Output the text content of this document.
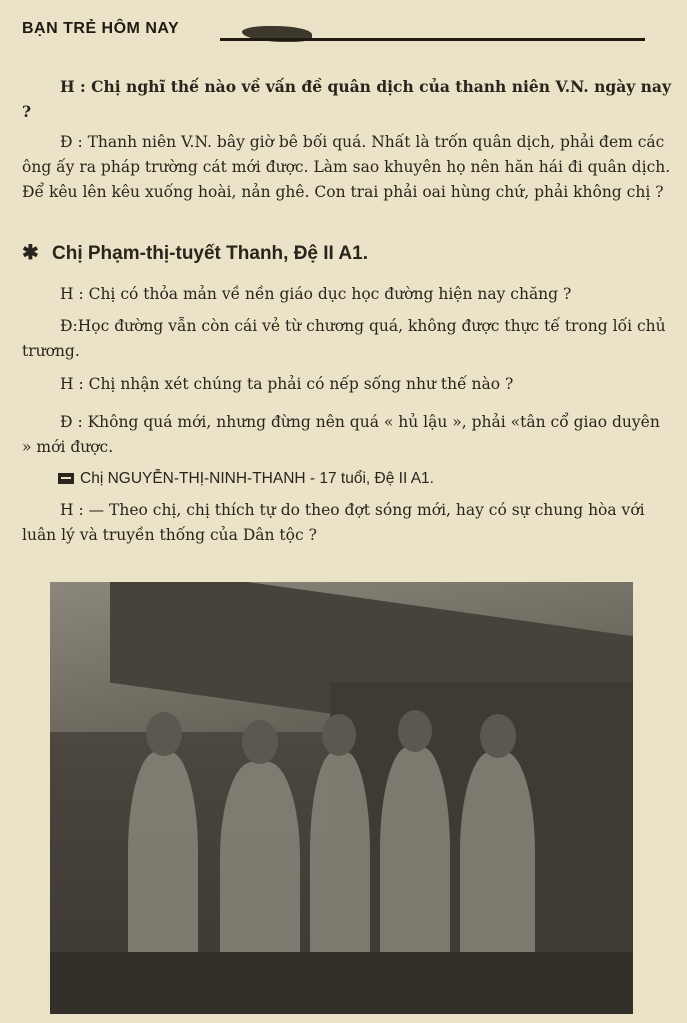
BẠN TRẺ HÔM NAY

H : Chị nghĩ thế nào về vấn đề quân dịch của thanh niên V.N. ngày nay ?

Đ : Thanh niên V.N. bây giờ bê bối quá. Nhất là trốn quân dịch, phải đem các ông ấy ra pháp trường cát mới được. Làm sao khuyên họ nên hăn hái đi quân dịch. Để kêu lên kêu xuống hoài, nản ghê. Con trai phải oai hùng chứ, phải không chị ?

✱ Chị Phạm-thị-tuyết Thanh, Đệ II A1.

H : Chị có thỏa mản về nền giáo dục học đường hiện nay chăng ?

Đ:Học đường vẫn còn cái vẻ từ chương quá, không được thực tế trong lối chủ trương.

H : Chị nhận xét chúng ta phải có nếp sống như thế nào ?

Đ : Không quá mới, nhưng đừng nên quá « hủ lậu », phải «tân cổ giao duyên » mới được.

Chị NGUYỄN-THỊ-NINH-THANH - 17 tuổi, Đệ II A1.

H : — Theo chị, chị thích tự do theo đợt sóng mới, hay có sự chung hòa với luân lý và truyền thống của Dân tộc ?
